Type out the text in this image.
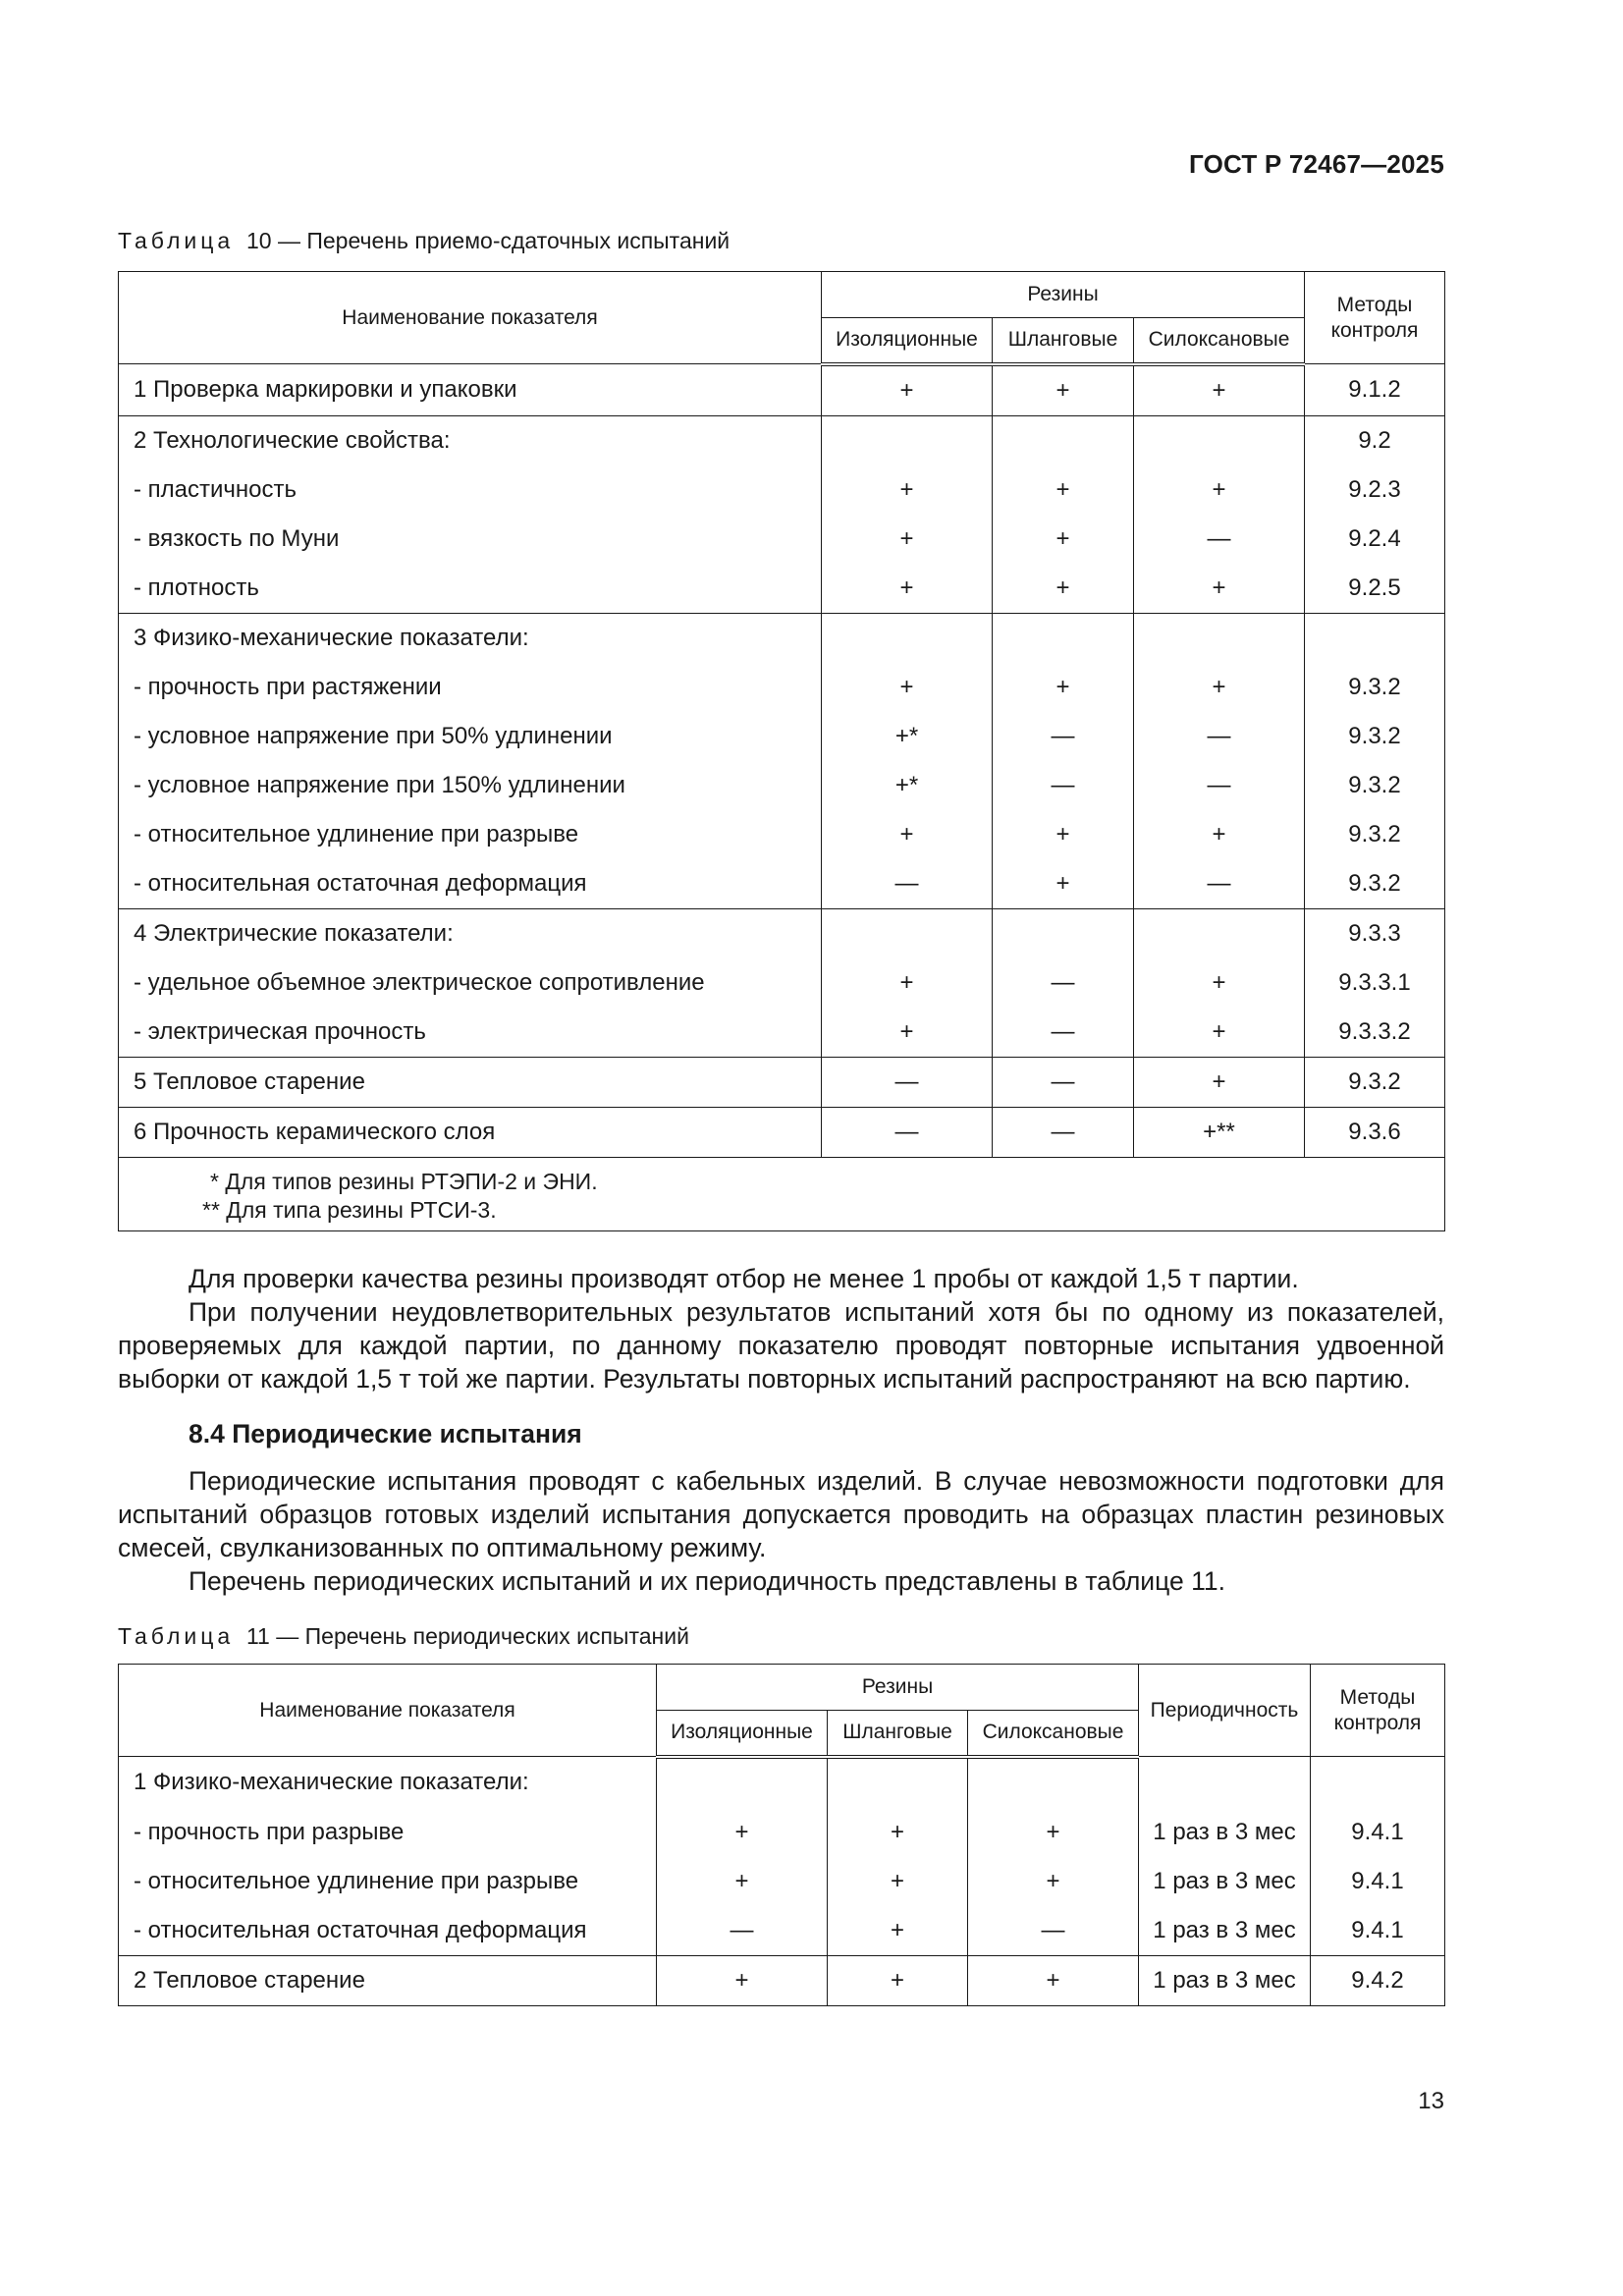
ГОСТ Р 72467—2025
Таблица 10 — Перечень приемо-сдаточных испытаний
Наименование показателя	Резины			Методы контроля
	Изоляционные	Шланговые	Силоксановые	
1 Проверка маркировки и упаковки	+	+	+	9.1.2
2 Технологические свойства:				9.2
- пластичность	+	+	+	9.2.3
- вязкость по Муни	+	+	—	9.2.4
- плотность	+	+	+	9.2.5
3 Физико-механические показатели:				
- прочность при растяжении	+	+	+	9.3.2
- условное напряжение при 50% удлинении	+*	—	—	9.3.2
- условное напряжение при 150% удлинении	+*	—	—	9.3.2
- относительное удлинение при разрыве	+	+	+	9.3.2
- относительная остаточная деформация	—	+	—	9.3.2
4 Электрические показатели:				9.3.3
- удельное объемное электрическое сопротивление	+	—	+	9.3.3.1
- электрическая прочность	+	—	+	9.3.3.2
5 Тепловое старение	—	—	+	9.3.2
6 Прочность керамического слоя	—	—	+**	9.3.6

* Для типов резины РТЭПИ-2 и ЭНИ.
** Для типа резины РТСИ-3.				
Для проверки качества резины производят отбор не менее 1 пробы от каждой 1,5 т партии.
При получении неудовлетворительных результатов испытаний хотя бы по одному из показателей, проверяемых для каждой партии, по данному показателю проводят повторные испытания удвоенной выборки от каждой 1,5 т той же партии. Результаты повторных испытаний распространяют на всю партию.
8.4 Периодические испытания
Периодические испытания проводят с кабельных изделий. В случае невозможности подготовки для испытаний образцов готовых изделий испытания допускается проводить на образцах пластин резиновых смесей, свулканизованных по оптимальному режиму.
Перечень периодических испытаний и их периодичность представлены в таблице 11.
Таблица 11 — Перечень периодических испытаний
Наименование показателя	Резины			Периодичность	Методы контроля
	Изоляционные	Шланговые	Силоксановые		
1 Физико-механические показатели:					
- прочность при разрыве	+	+	+	1 раз в 3 мес	9.4.1
- относительное удлинение при разрыве	+	+	+	1 раз в 3 мес	9.4.1
- относительная остаточная деформация	—	+	—	1 раз в 3 мес	9.4.1
2 Тепловое старение	+	+	+	1 раз в 3 мес	9.4.2
13
